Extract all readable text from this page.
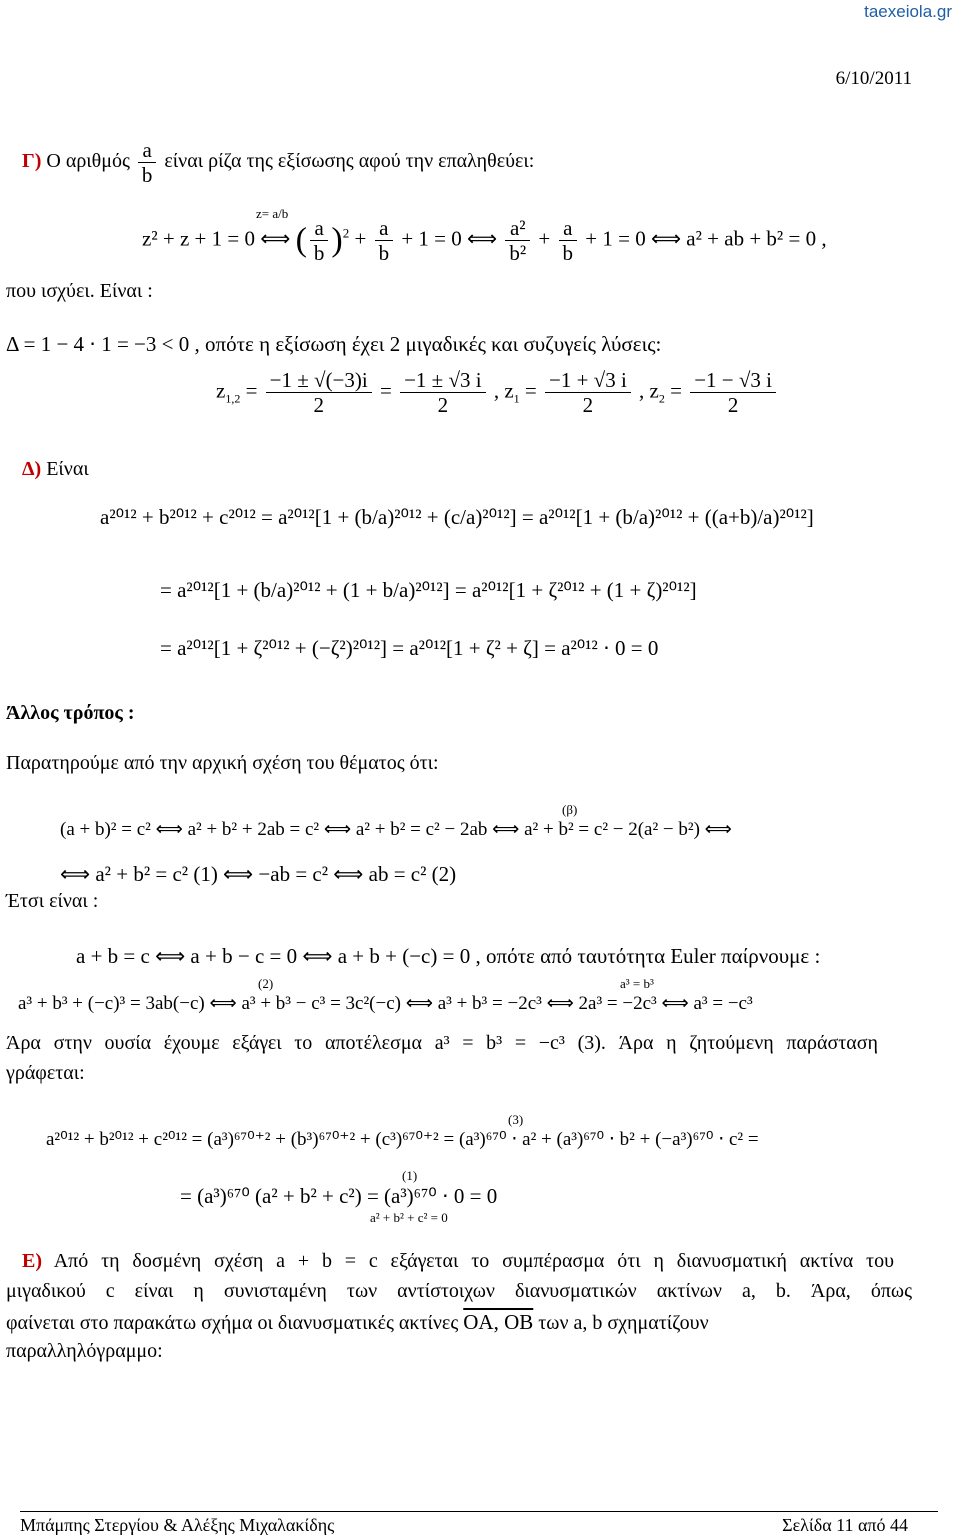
taexeiola.gr
6/10/2011
Γ) Ο αριθμός $\frac{a}{b}$ είναι ρίζα της εξίσωσης αφού την επαληθεύει:
z= a/b
z² + z + 1 = 0 ⟺ ( $\frac{a}{b} )^2 + \frac{a}{b} + 1 = 0$ ⟺ $\frac{\text{a²}}{\text{b²}} + \frac{a}{b} + 1 = 0$ ⟺ a² + ab + b² = 0 ,
που ισχύει. Είναι :
Δ = 1 − 4 ⋅ 1 = −3 < 0 , οπότε η εξίσωση έχει 2 μιγαδικές και συζυγείς λύσεις:
$z_{1,2} = \frac{-1 \pm √(-3)i}{2} = \frac{-1 \pm √3 i}{2}$ , $z_1 = \frac{-1 + √3 i}{2}$ , $z_2 = \frac{-1 - √3 i}{2}$
Δ) Είναι
a²⁰¹² + b²⁰¹² + c²⁰¹² = a²⁰¹²[1 + (b/a)²⁰¹² + (c/a)²⁰¹²] = a²⁰¹²[1 + (b/a)²⁰¹² + ((a+b)/a)²⁰¹²]
= a²⁰¹²[1 + (b/a)²⁰¹² + (1 + b/a)²⁰¹²] = a²⁰¹²[1 + ζ²⁰¹² + (1 + ζ)²⁰¹²]
= a²⁰¹²[1 + ζ²⁰¹² + (−ζ²)²⁰¹²] = a²⁰¹²[1 + ζ² + ζ] = a²⁰¹² ⋅ 0 = 0
Άλλος τρόπος :
Παρατηρούμε από την αρχική σχέση του θέματος ότι:
(β)
(a + b)² = c² ⟺ a² + b² + 2ab = c² ⟺ a² + b² = c² − 2ab ⟺ a² + b² = c² − 2(a² − b²) ⟺
⟺ a² + b² = c² (1) ⟺ −ab = c² ⟺ ab = c² (2)
Έτσι είναι :
a + b = c ⟺ a + b − c = 0 ⟺ a + b + (−c) = 0 , οπότε από ταυτότητα Euler παίρνουμε :
(2)	a³ = b³
a³ + b³ + (−c)³ = 3ab(−c) ⟺ a³ + b³ − c³ = 3c²(−c) ⟺ a³ + b³ = −2c³ ⟺ 2a³ = −2c³ ⟺ a³ = −c³
Άρα στην ουσία έχουμε εξάγει το αποτέλεσμα a³ = b³ = −c³ (3). Άρα η ζητούμενη παράσταση
γράφεται:
(3)
a²⁰¹² + b²⁰¹² + c²⁰¹² = (a³)⁶⁷⁰⁺² + (b³)⁶⁷⁰⁺² + (c³)⁶⁷⁰⁺² = (a³)⁶⁷⁰ ⋅ a² + (a³)⁶⁷⁰ ⋅ b² + (−a³)⁶⁷⁰ ⋅ c² =
(1)
= (a³)⁶⁷⁰ (a² + b² + c²) = (a³)⁶⁷⁰ ⋅ 0 = 0
a² + b² + c² = 0
Ε) Από τη δοσμένη σχέση a + b = c εξάγεται το συμπέρασμα ότι η διανυσματική ακτίνα του
μιγαδικού c είναι η συνισταμένη των αντίστοιχων διανυσματικών ακτίνων a, b. Άρα, όπως
φαίνεται στο παρακάτω σχήμα οι διανυσματικές ακτίνες OA, OB των a, b σχηματίζουν
παραλληλόγραμμο:
Μπάμπης Στεργίου & Αλέξης Μιχαλακίδης	Σελίδα 11 από 44
